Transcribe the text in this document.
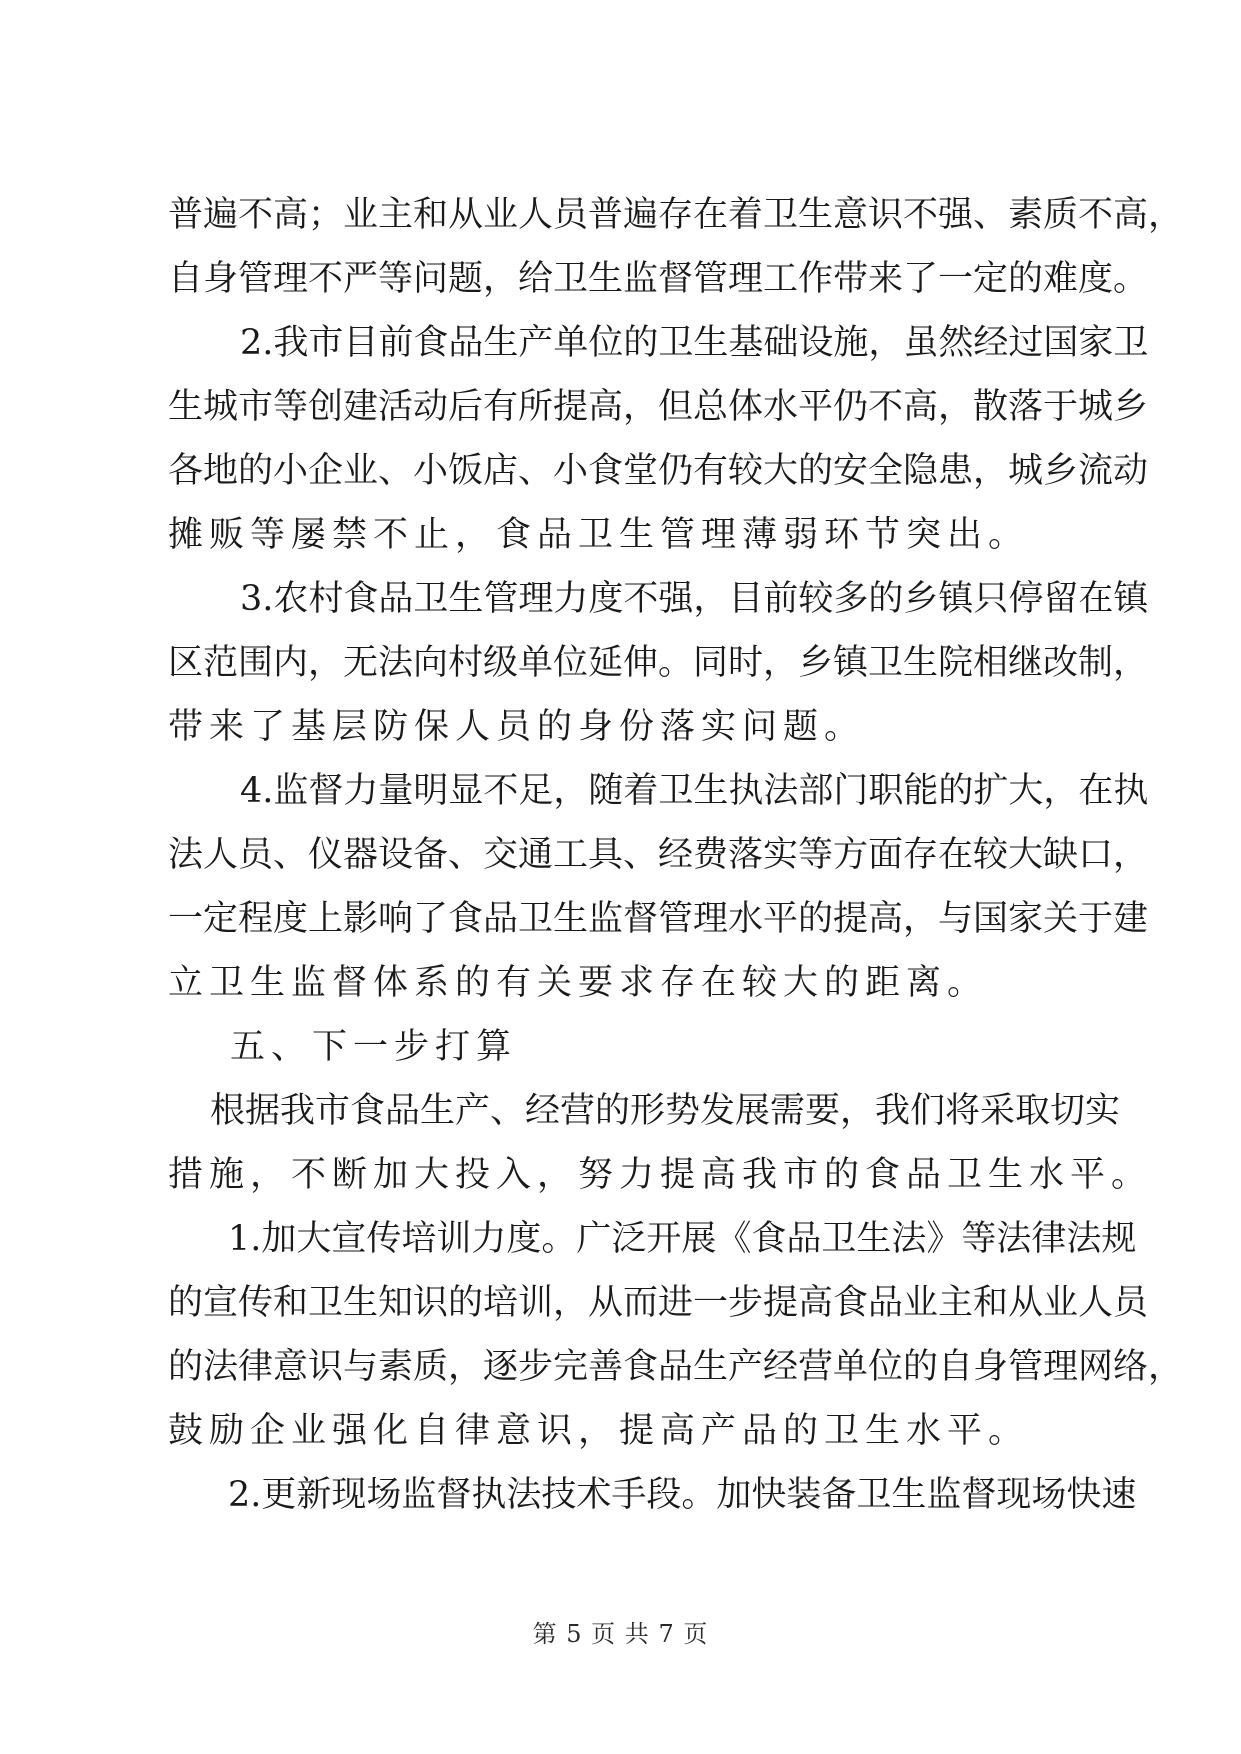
普遍不高；业主和从业人员普遍存在着卫生意识不强、素质不高，
自身管理不严等问题，给卫生监督管理工作带来了一定的难度。
2.我市目前食品生产单位的卫生基础设施，虽然经过国家卫
生城市等创建活动后有所提高，但总体水平仍不高，散落于城乡
各地的小企业、小饭店、小食堂仍有较大的安全隐患，城乡流动
摊贩等屡禁不止，食品卫生管理薄弱环节突出。
3.农村食品卫生管理力度不强，目前较多的乡镇只停留在镇
区范围内，无法向村级单位延伸。同时，乡镇卫生院相继改制，
带来了基层防保人员的身份落实问题。
4.监督力量明显不足，随着卫生执法部门职能的扩大，在执
法人员、仪器设备、交通工具、经费落实等方面存在较大缺口，
一定程度上影响了食品卫生监督管理水平的提高，与国家关于建
立卫生监督体系的有关要求存在较大的距离。
五、下一步打算
根据我市食品生产、经营的形势发展需要，我们将采取切实
措施，不断加大投入，努力提高我市的食品卫生水平。
1.加大宣传培训力度。广泛开展《食品卫生法》等法律法规
的宣传和卫生知识的培训，从而进一步提高食品业主和从业人员
的法律意识与素质，逐步完善食品生产经营单位的自身管理网络，
鼓励企业强化自律意识，提高产品的卫生水平。
2.更新现场监督执法技术手段。加快装备卫生监督现场快速
第 5 页 共 7 页
